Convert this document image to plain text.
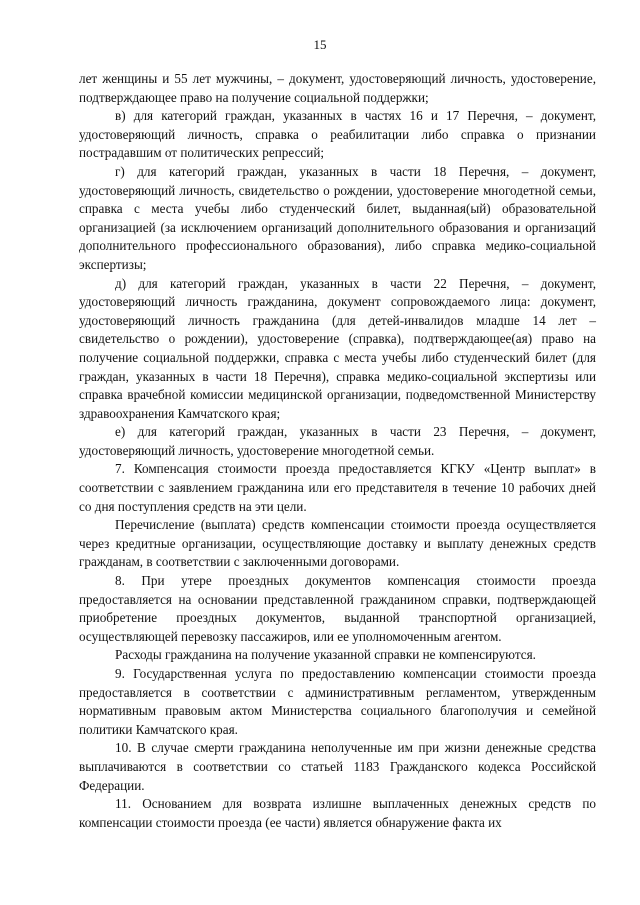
15

лет женщины и 55 лет мужчины, – документ, удостоверяющий личность, удостоверение, подтверждающее право на получение социальной поддержки;

в) для категорий граждан, указанных в частях 16 и 17 Перечня, – документ, удостоверяющий личность, справка о реабилитации либо справка о признании пострадавшим от политических репрессий;

г) для категорий граждан, указанных в части 18 Перечня, – документ, удостоверяющий личность, свидетельство о рождении, удостоверение многодетной семьи, справка с места учебы либо студенческий билет, выданная(ый) образовательной организацией (за исключением организаций дополнительного образования и организаций дополнительного профессионального образования), либо справка медико-социальной экспертизы;

д) для категорий граждан, указанных в части 22 Перечня, – документ, удостоверяющий личность гражданина, документ сопровождаемого лица: документ, удостоверяющий личность гражданина (для детей-инвалидов младше 14 лет – свидетельство о рождении), удостоверение (справка), подтверждающее(ая) право на получение социальной поддержки, справка с места учебы либо студенческий билет (для граждан, указанных в части 18 Перечня), справка медико-социальной экспертизы или справка врачебной комиссии медицинской организации, подведомственной Министерству здравоохранения Камчатского края;

е) для категорий граждан, указанных в части 23 Перечня, – документ, удостоверяющий личность, удостоверение многодетной семьи.

7. Компенсация стоимости проезда предоставляется КГКУ «Центр выплат» в соответствии с заявлением гражданина или его представителя в течение 10 рабочих дней со дня поступления средств на эти цели.

Перечисление (выплата) средств компенсации стоимости проезда осуществляется через кредитные организации, осуществляющие доставку и выплату денежных средств гражданам, в соответствии с заключенными договорами.

8. При утере проездных документов компенсация стоимости проезда предоставляется на основании представленной гражданином справки, подтверждающей приобретение проездных документов, выданной транспортной организацией, осуществляющей перевозку пассажиров, или ее уполномоченным агентом.

Расходы гражданина на получение указанной справки не компенсируются.

9. Государственная услуга по предоставлению компенсации стоимости проезда предоставляется в соответствии с административным регламентом, утвержденным нормативным правовым актом Министерства социального благополучия и семейной политики Камчатского края.

10. В случае смерти гражданина неполученные им при жизни денежные средства выплачиваются в соответствии со статьей 1183 Гражданского кодекса Российской Федерации.

11. Основанием для возврата излишне выплаченных денежных средств по компенсации стоимости проезда (ее части) является обнаружение факта их
